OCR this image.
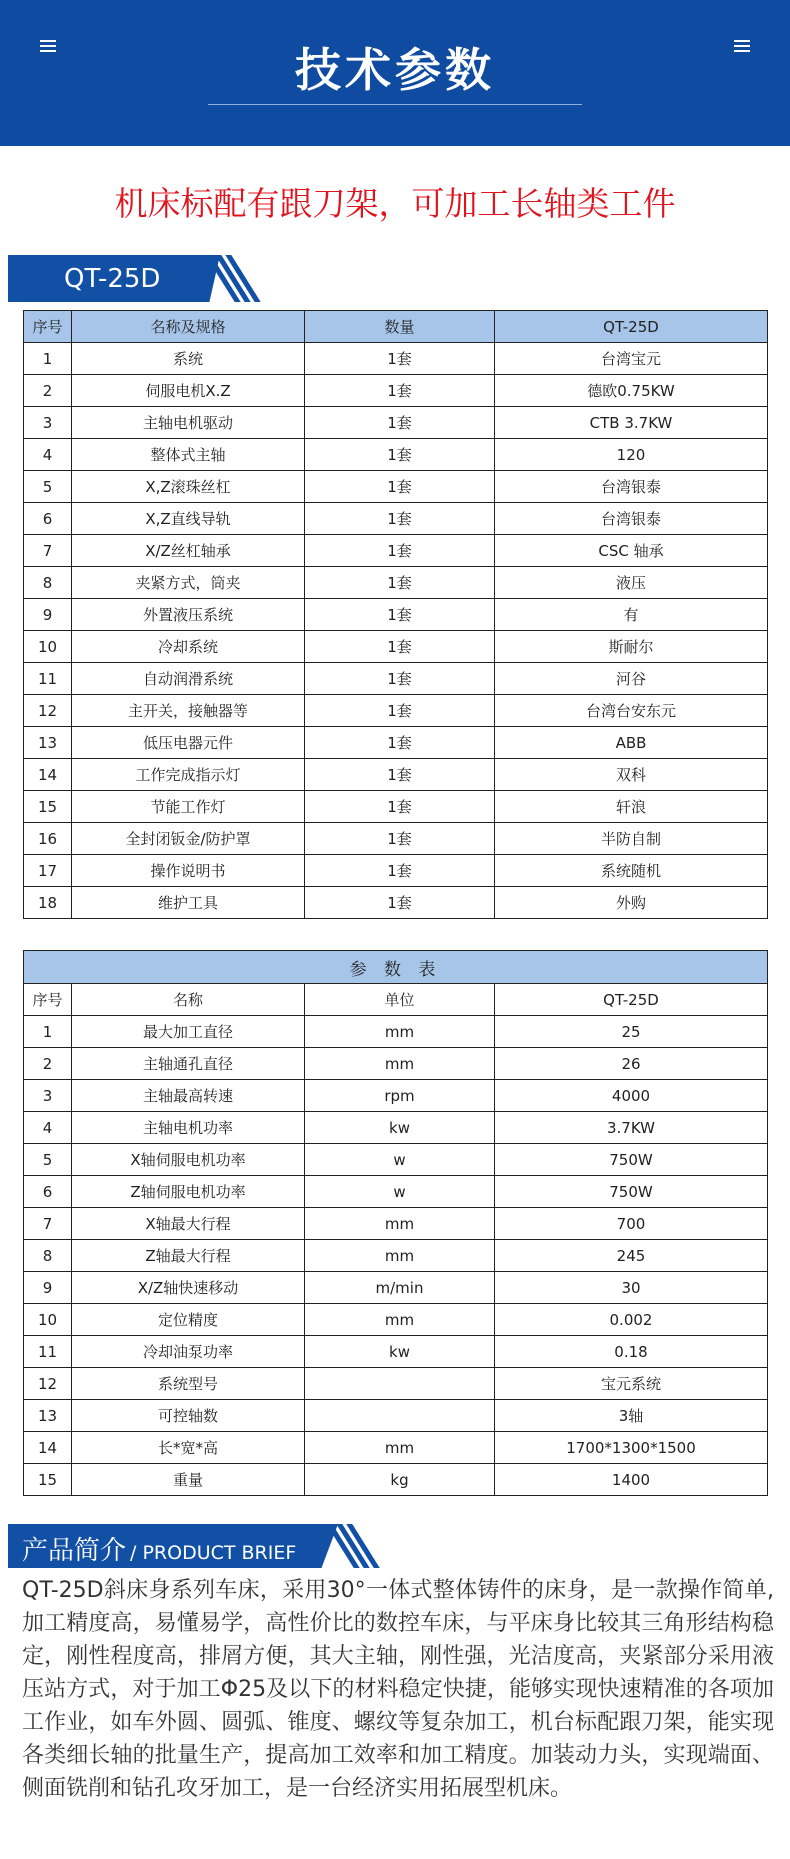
技术参数
机床标配有跟刀架，可加工长轴类工件
QT-25D
序号	名称及规格	数量	QT-25D
1	系统	1套	台湾宝元
2	伺服电机X.Z	1套	德欧0.75KW
3	主轴电机驱动	1套	CTB 3.7KW
4	整体式主轴	1套	120
5	X,Z滚珠丝杠	1套	台湾银泰
6	X,Z直线导轨	1套	台湾银泰
7	X/Z丝杠轴承	1套	CSC 轴承
8	夹紧方式，筒夹	1套	液压
9	外置液压系统	1套	有
10	冷却系统	1套	斯耐尔
11	自动润滑系统	1套	河谷
12	主开关，接触器等	1套	台湾台安东元
13	低压电器元件	1套	ABB
14	工作完成指示灯	1套	双科
15	节能工作灯	1套	轩浪
16	全封闭钣金/防护罩	1套	半防自制
17	操作说明书	1套	系统随机
18	维护工具	1套	外购
参 数 表			
序号	名称	单位	QT-25D
1	最大加工直径	mm	25
2	主轴通孔直径	mm	26
3	主轴最高转速	rpm	4000
4	主轴电机功率	kw	3.7KW
5	X轴伺服电机功率	w	750W
6	Z轴伺服电机功率	w	750W
7	X轴最大行程	mm	700
8	Z轴最大行程	mm	245
9	X/Z轴快速移动	m/min	30
10	定位精度	mm	0.002
11	冷却油泵功率	kw	0.18
12	系统型号		宝元系统
13	可控轴数		3轴
14	长*宽*高	mm	1700*1300*1500
15	重量	kg	1400
产品简介 / PRODUCT BRIEF
QT-25D斜床身系列车床，采用30°一体式整体铸件的床身，是一款操作简单,加工精度高，易懂易学，高性价比的数控车床，与平床身比较其三角形结构稳定，刚性程度高，排屑方便，其大主轴，刚性强，光洁度高，夹紧部分采用液压站方式，对于加工Φ25及以下的材料稳定快捷，能够实现快速精准的各项加工作业，如车外圆、圆弧、锥度、螺纹等复杂加工，机台标配跟刀架，能实现各类细长轴的批量生产，提高加工效率和加工精度。加装动力头，实现端面、侧面铣削和钻孔攻牙加工，是一台经济实用拓展型机床。
